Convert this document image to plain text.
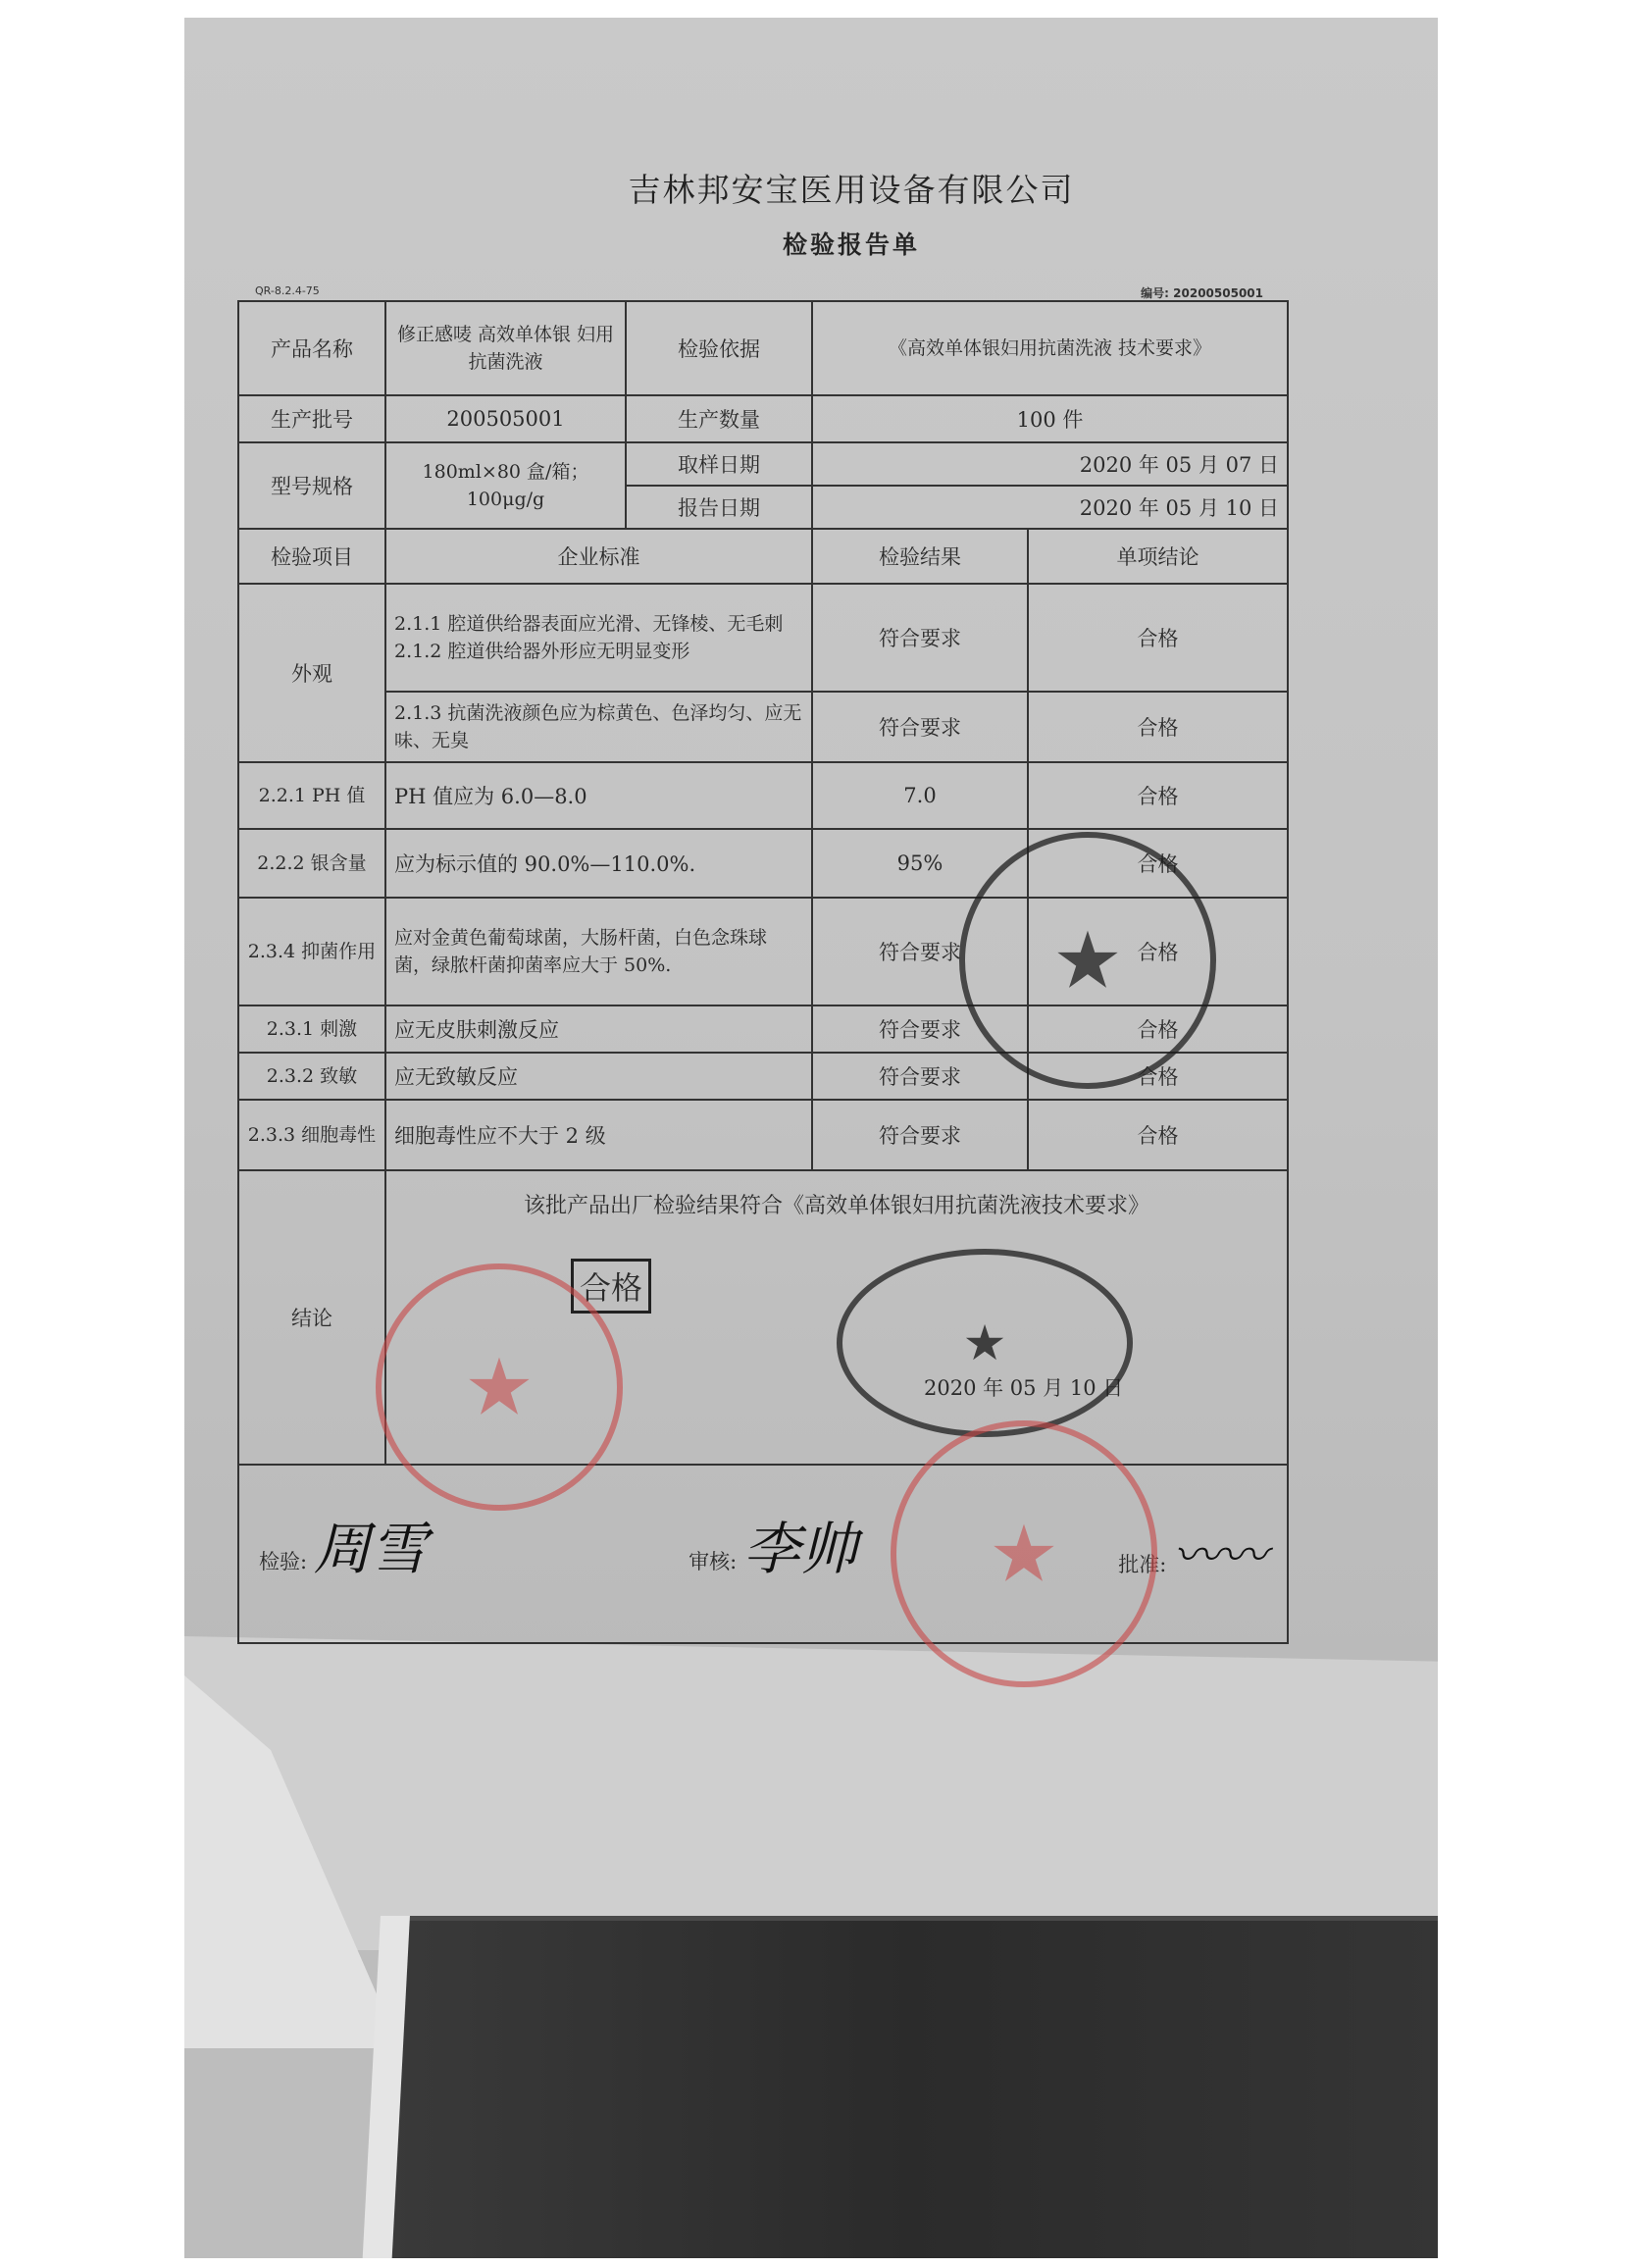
吉林邦安宝医用设备有限公司
检验报告单
QR-8.2.4-75	编号: 20200505001
产品名称	修正感唛 高效单体银 妇用抗菌洗液	检验依据	《高效单体银妇用抗菌洗液 技术要求》	
生产批号	200505001	生产数量	100 件	
型号规格	180ml×80 盒/箱； 100μg/g	取样日期	2020 年 05 月 07 日	
		报告日期	2020 年 05 月 10 日	
检验项目	企业标准		检验结果	单项结论
外观	2.1.1 腔道供给器表面应光滑、无锋棱、无毛刺 2.1.2 腔道供给器外形应无明显变形		符合要求	合格
	2.1.3 抗菌洗液颜色应为棕黄色、色泽均匀、应无味、无臭		符合要求	合格
2.2.1 PH 值	PH 值应为 6.0—8.0		7.0	合格
2.2.2 银含量	应为标示值的 90.0%—110.0%.		95%	合格
2.3.4 抑菌作用	应对金黄色葡萄球菌，大肠杆菌，白色念珠球菌，绿脓杆菌抑菌率应大于 50%.		符合要求	合格
2.3.1 刺激	应无皮肤刺激反应		符合要求	合格
2.3.2 致敏	应无致敏反应		符合要求	合格
2.3.3 细胞毒性	细胞毒性应不大于 2 级		符合要求	合格
结论	该批产品出厂检验结果符合《高效单体银妇用抗菌洗液技术要求》
合格
2020 年 05 月 10 日			

检验: 周雪 审核: 李帅 批准: 〰〰				
★
★	★
★
